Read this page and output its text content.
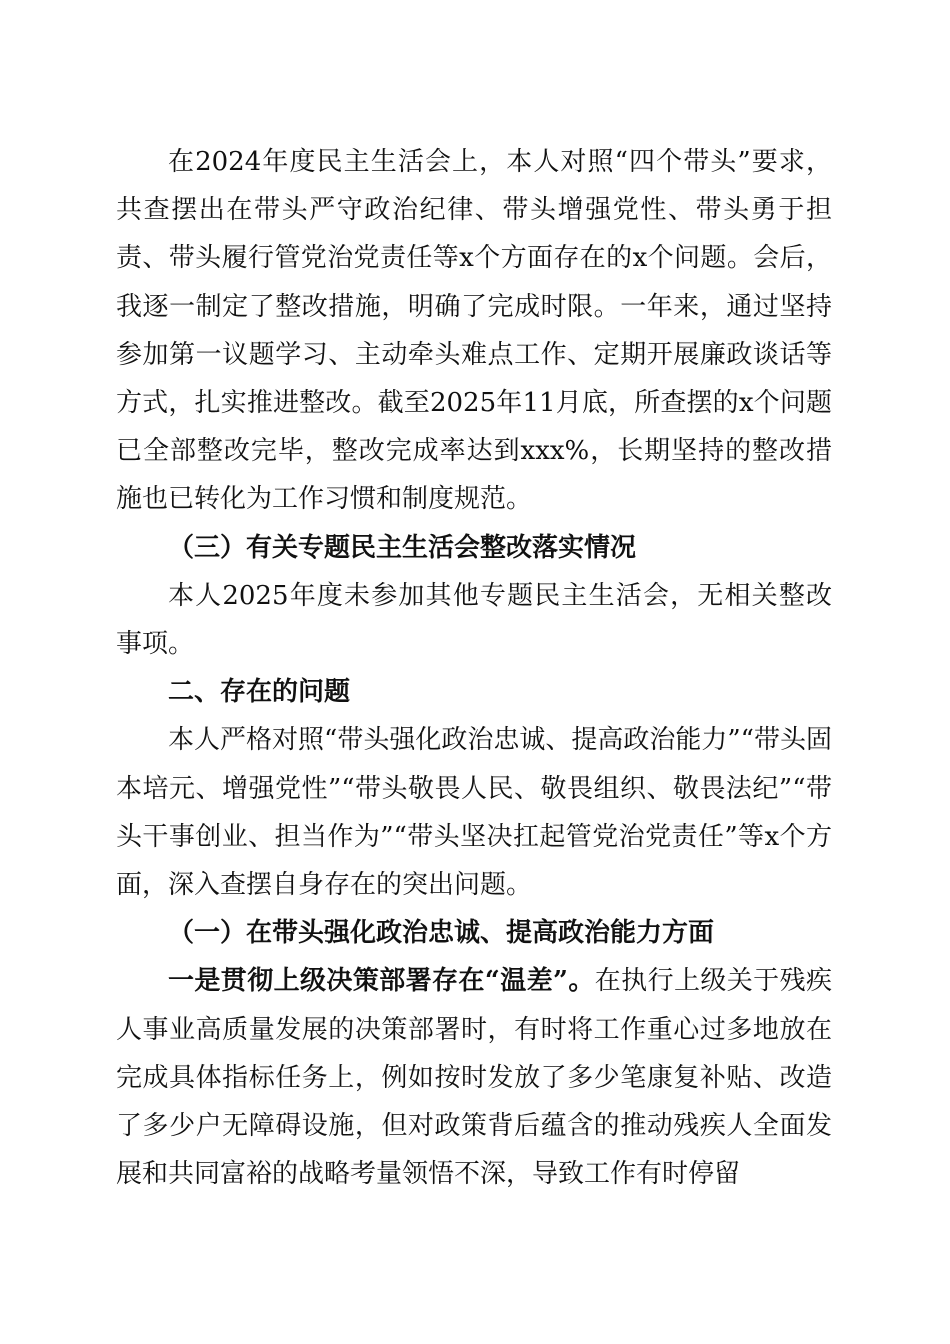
在2024年度民主生活会上，本人对照“四个带头”要求，共查摆出在带头严守政治纪律、带头增强党性、带头勇于担责、带头履行管党治党责任等x个方面存在的x个问题。会后，我逐一制定了整改措施，明确了完成时限。一年来，通过坚持参加第一议题学习、主动牵头难点工作、定期开展廉政谈话等方式，扎实推进整改。截至2025年11月底，所查摆的x个问题已全部整改完毕，整改完成率达到xxx%，长期坚持的整改措施也已转化为工作习惯和制度规范。

（三）有关专题民主生活会整改落实情况

本人2025年度未参加其他专题民主生活会，无相关整改事项。

二、存在的问题

本人严格对照“带头强化政治忠诚、提高政治能力”“带头固本培元、增强党性”“带头敬畏人民、敬畏组织、敬畏法纪”“带头干事创业、担当作为”“带头坚决扛起管党治党责任”等x个方面，深入查摆自身存在的突出问题。

（一）在带头强化政治忠诚、提高政治能力方面

一是贯彻上级决策部署存在“温差”。在执行上级关于残疾人事业高质量发展的决策部署时，有时将工作重心过多地放在完成具体指标任务上，例如按时发放了多少笔康复补贴、改造了多少户无障碍设施，但对政策背后蕴含的推动残疾人全面发展和共同富裕的战略考量领悟不深，导致工作有时停留
